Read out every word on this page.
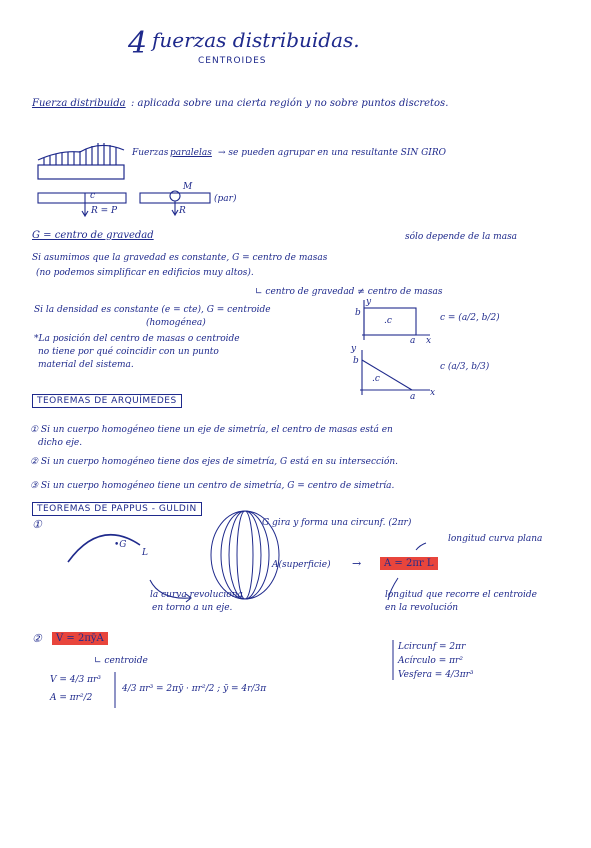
4 fuerzas distribuidas.
CENTROIDES
Fuerza distribuida : aplicada sobre una cierta región y no sobre puntos discretos.
Fuerzas paralelas → se pueden agrupar en una resultante SIN GIRO
c
R = P
M
R
(par)
G = centro de gravedad	sólo depende de la masa
Si asumimos que la gravedad es constante, G = centro de masas
(no podemos simplificar en edificios muy altos).
∟ centro de gravedad ≠ centro de masas
Si la densidad es constante (e = cte), G = centroide
(homogénea)
*La posición del centro de masas o centroide
no tiene por qué coincidir con un punto
material del sistema.
b
y
.c
a x
c = (a/2, b/2)
b
y
.c
a x
c (a/3, b/3)
TEOREMAS DE ARQUÍMEDES
① Si un cuerpo homogéneo tiene un eje de simetría, el centro de masas está en
dicho eje.
② Si un cuerpo homogéneo tiene dos ejes de simetría, G está en su intersección.
③ Si un cuerpo homogéneo tiene un centro de simetría, G = centro de simetría.
TEOREMAS DE PAPPUS - GULDIN
①
•G
L
G gira y forma una circunf. (2πr)
longitud curva plana
A(superficie) →	A = 2πr L
la curva revoluciona
en torno a un eje.
longitud que recorre el centroide
en la revolución
②	V = 2πȳA
∟ centroide
V = 4/3 πr³
A = πr²/2
4/3 πr³ = 2πȳ · πr²/2 ; ȳ = 4r/3π
Lcircunf = 2πr
Acírculo = πr²
Vesfera = 4/3πr³
